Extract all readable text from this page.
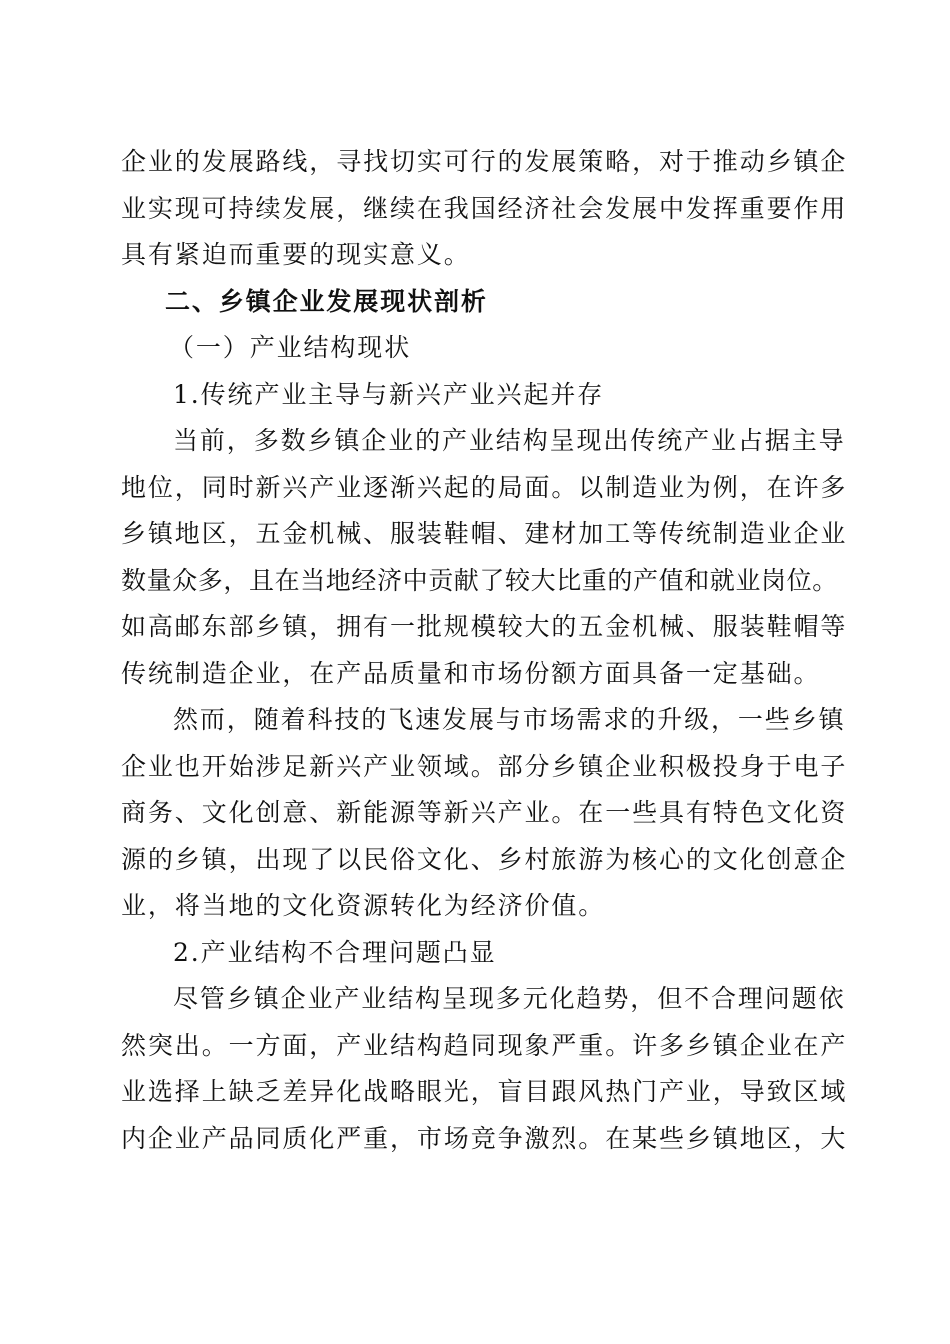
企业的发展路线，寻找切实可行的发展策略，对于推动乡镇企
业实现可持续发展，继续在我国经济社会发展中发挥重要作用
具有紧迫而重要的现实意义。

二、乡镇企业发展现状剖析

（一）产业结构现状

1.传统产业主导与新兴产业兴起并存

当前，多数乡镇企业的产业结构呈现出传统产业占据主导
地位，同时新兴产业逐渐兴起的局面。以制造业为例，在许多
乡镇地区，五金机械、服装鞋帽、建材加工等传统制造业企业
数量众多，且在当地经济中贡献了较大比重的产值和就业岗位。
如高邮东部乡镇，拥有一批规模较大的五金机械、服装鞋帽等
传统制造企业，在产品质量和市场份额方面具备一定基础。

然而，随着科技的飞速发展与市场需求的升级，一些乡镇
企业也开始涉足新兴产业领域。部分乡镇企业积极投身于电子
商务、文化创意、新能源等新兴产业。在一些具有特色文化资
源的乡镇，出现了以民俗文化、乡村旅游为核心的文化创意企
业，将当地的文化资源转化为经济价值。

2.产业结构不合理问题凸显

尽管乡镇企业产业结构呈现多元化趋势，但不合理问题依
然突出。一方面，产业结构趋同现象严重。许多乡镇企业在产
业选择上缺乏差异化战略眼光，盲目跟风热门产业，导致区域
内企业产品同质化严重，市场竞争激烈。在某些乡镇地区，大
